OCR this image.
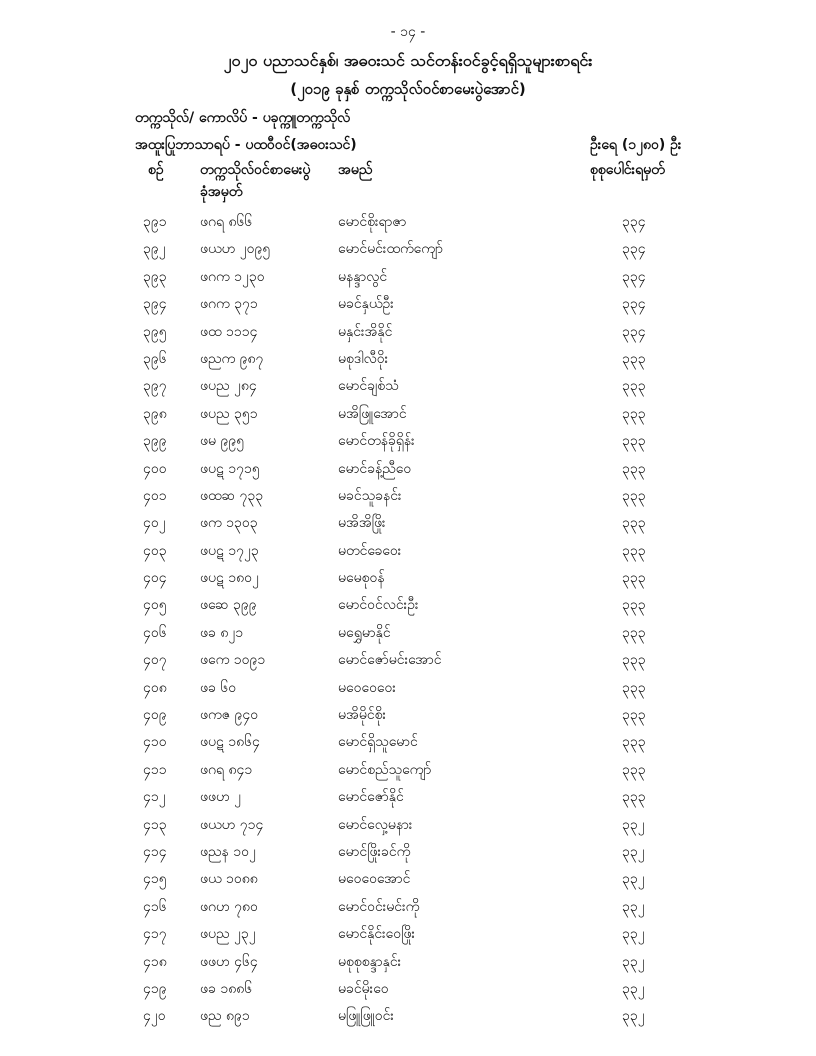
- ၁၄ -
၂၀၂၀ ပညာသင်နှစ်၊ အဓဝးသင် သင်တန်းဝင်ခွင့်ရရှိသူများစာရင်း
(၂၀၁၉ ခုနှစ် တက္ကသိုလ်ဝင်စာမေးပွဲအောင်)
တက္ကသိုလ်/ ကောလိပ် - ပခုက္ကူတက္ကသိုလ်
အထူးပြုဘာသာရပ် - ပထဝီဝင်(အဓဝးသင်)	ဦးရေ (၁၂၈၀) ဦး
စဉ်	တက္ကသိုလ်ဝင်စာမေးပွဲ
ခုံအမှတ်
အမည်	စုစုပေါင်းရမှတ်
၃၉၁ ဖဂရ ၈၆၆	မောင်စိုးရာဇာ	၃၃၄
၃၉၂ ဖယဟ ၂၀၉၅	မောင်မင်းထက်ကျော်	၃၃၄
၃၉၃ ဖဂက ၁၂၃၀	မနန္ဒာလွင်	၃၃၄
၃၉၄ ဖဂက ၃၇၁	မခင်နှယ်ဦး	၃၃၄
၃၉၅ ဖထ ၁၁၁၄	မနှင်းအိနိုင်	၃၃၄
၃၉၆ ဖညက ၉၈၇	မစုဒါလီဝိုး	၃၃၃
၃၉၇ ဖပည ၂၈၄	မောင်ချစ်သံ	၃၃၃
၃၉၈ ဖပည ၃၅၁	မအိဖြူအောင်	၃၃၃
၃၉၉ ဖမ ၉၉၅	မောင်တန်ခိုရှိန်း	၃၃၃
၄၀၀ ဖပဋ ၁၇၁၅	မောင်ခန့်ညီဝေ	၃၃၃
၄၀၁ ဖထဆ ၇၃၃	မခင်သူခနင်း	၃၃၃
၄၀၂ ဖက ၁၃၀၃	မအိအိဖြိုး	၃၃၃
၄၀၃ ဖပဋ ၁၇၂၃	မတင်ခေဝေး	၃၃၃
၄၀၄ ဖပဋ ၁၈၀၂	မမေစုဝန်	၃၃၃
၄၀၅ ဖဆေ ၃၉၉	မောင်ဝင်လင်းဦး	၃၃၃
၄၀၆ ဖခ ၈၂၁	မရွှေမာနိုင်	၃၃၃
၄၀၇ ဖကေ ၁၀၉၁	မောင်ဇော်မင်းအောင်	၃၃၃
၄၀၈ ဖခ ၆၀	မဝေဝေဝေး	၃၃၃
၄၀၉ ဖကဇ ၉၄၀	မအိမိုင်စိုး	၃၃၃
၄၁၀ ဖပဋ ၁၈၆၄	မောင်ရှိသူမောင်	၃၃၃
၄၁၁ ဖဂရ ၈၄၁	မောင်စည်သူကျော်	၃၃၃
၄၁၂ ဖဖဟ ၂	မောင်ဇော်နိုင်	၃၃၃
၄၁၃ ဖယဟ ၇၁၄	မောင်လှေ့မနား	၃၃၂
၄၁၄ ဖညန ၁၀၂	မောင်ဖြိုးခင်ကို	၃၃၂
၄၁၅ ဖယ ၁၀၈၈	မဝေဝေအောင်	၃၃၂
၄၁၆ ဖဂဟ ၇၈၀	မောင်ဝင်းမင်းကို	၃၃၂
၄၁၇ ဖပည ၂၃၂	မောင်နိုင်းဝေဖြိုး	၃၃၂
၄၁၈ ဖဖဟ ၄၆၄	မစုစုစန္ဒာနှင်း	၃၃၂
၄၁၉ ဖခ ၁၈၈၆	မခင်မိုးဝေ	၃၃၂
၄၂၀ ဖည ၈၉၁	မဖြူဖြူဝင်း	၃၃၂
